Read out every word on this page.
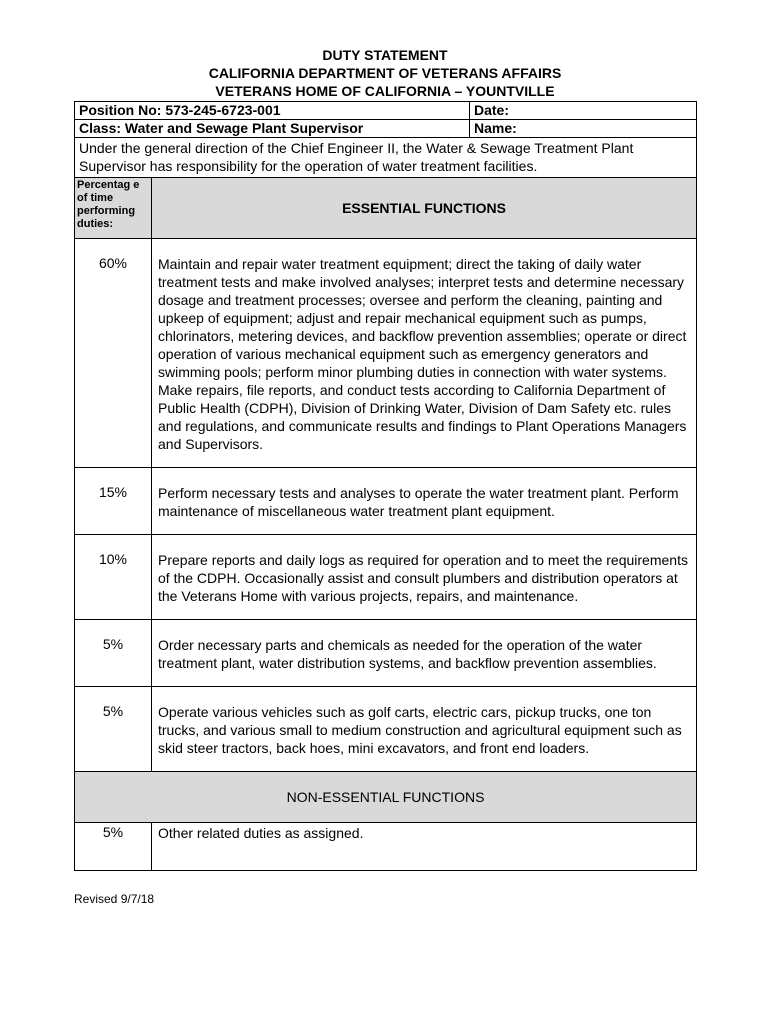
DUTY STATEMENT
CALIFORNIA DEPARTMENT OF VETERANS AFFAIRS
VETERANS HOME OF CALIFORNIA – YOUNTVILLE
Position No: 573-245-6723-001		Date:
Class: Water and Sewage Plant Supervisor		Name:
Under the general direction of the Chief Engineer II, the Water & Sewage Treatment Plant Supervisor has responsibility for the operation of water treatment facilities.		
Percentag e of time performing duties:	ESSENTIAL FUNCTIONS	
60%	Maintain and repair water treatment equipment; direct the taking of daily water treatment tests and make involved analyses; interpret tests and determine necessary dosage and treatment processes; oversee and perform the cleaning, painting and upkeep of equipment; adjust and repair mechanical equipment such as pumps, chlorinators, metering devices, and backflow prevention assemblies; operate or direct operation of various mechanical equipment such as emergency generators and swimming pools; perform minor plumbing duties in connection with water systems. Make repairs, file reports, and conduct tests according to California Department of Public Health (CDPH), Division of Drinking Water, Division of Dam Safety etc. rules and regulations, and communicate results and findings to Plant Operations Managers and Supervisors.	
15%	Perform necessary tests and analyses to operate the water treatment plant. Perform maintenance of miscellaneous water treatment plant equipment.	
10%	Prepare reports and daily logs as required for operation and to meet the requirements of the CDPH. Occasionally assist and consult plumbers and distribution operators at the Veterans Home with various projects, repairs, and maintenance.	
5%	Order necessary parts and chemicals as needed for the operation of the water treatment plant, water distribution systems, and backflow prevention assemblies.	
5%	Operate various vehicles such as golf carts, electric cars, pickup trucks, one ton trucks, and various small to medium construction and agricultural equipment such as skid steer tractors, back hoes, mini excavators, and front end loaders.	
NON-ESSENTIAL FUNCTIONS		
5%	Other related duties as assigned.	
Revised 9/7/18
